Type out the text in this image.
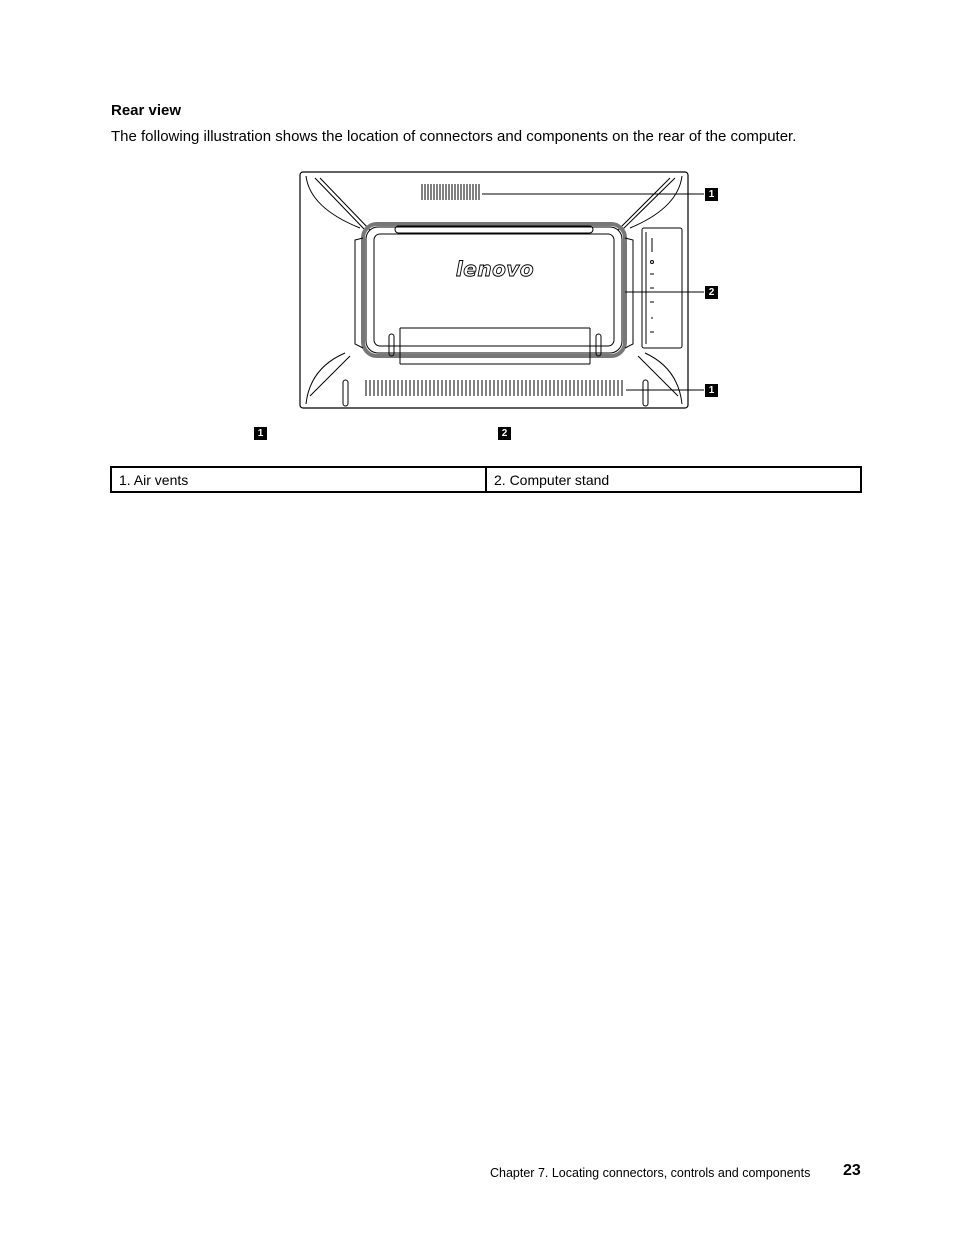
Rear view

The following illustration shows the location of connectors and components on the rear of the computer.

lenovo
1
2
1
1	2
1. Air vents	2. Computer stand
Chapter 7. Locating connectors, controls and components 23
